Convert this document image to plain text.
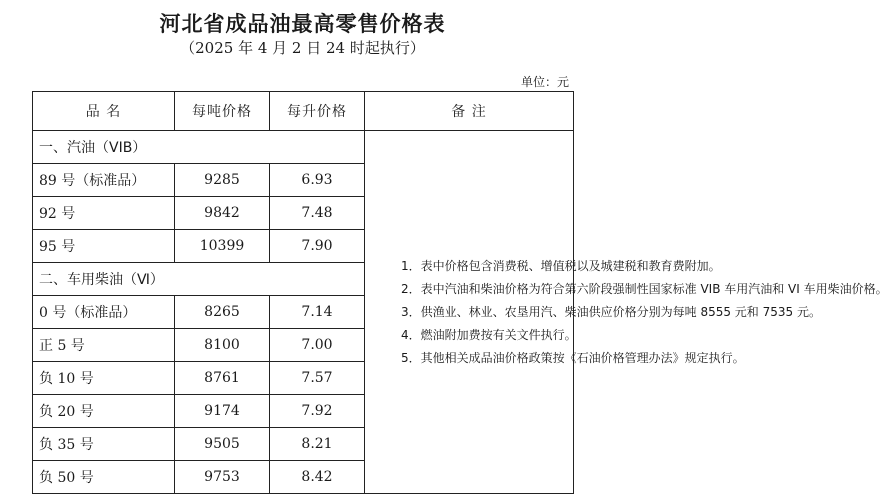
河北省成品油最高零售价格表
（2025 年 4 月 2 日 24 时起执行）
单位：元
品 名	每吨价格	每升价格	备 注
一、汽油（VIB）			1．表中价格包含消费税、增值税以及城建税和教育费附加。

2．表中汽油和柴油价格为符合第六阶段强制性国家标准 VIB 车用汽油和 VI 车用柴油价格。

3．供渔业、林业、农垦用汽、柴油供应价格分别为每吨 8555 元和 7535 元。

4．燃油附加费按有关文件执行。

5．其他相关成品油价格政策按《石油价格管理办法》规定执行。

89 号（标准品）	9285	6.93	
92 号	9842	7.48	
95 号	10399	7.90	
二、车用柴油（Ⅵ）			
0 号（标准品）	8265	7.14	
正 5 号	8100	7.00	
负 10 号	8761	7.57	
负 20 号	9174	7.92	
负 35 号	9505	8.21	
负 50 号	9753	8.42	
